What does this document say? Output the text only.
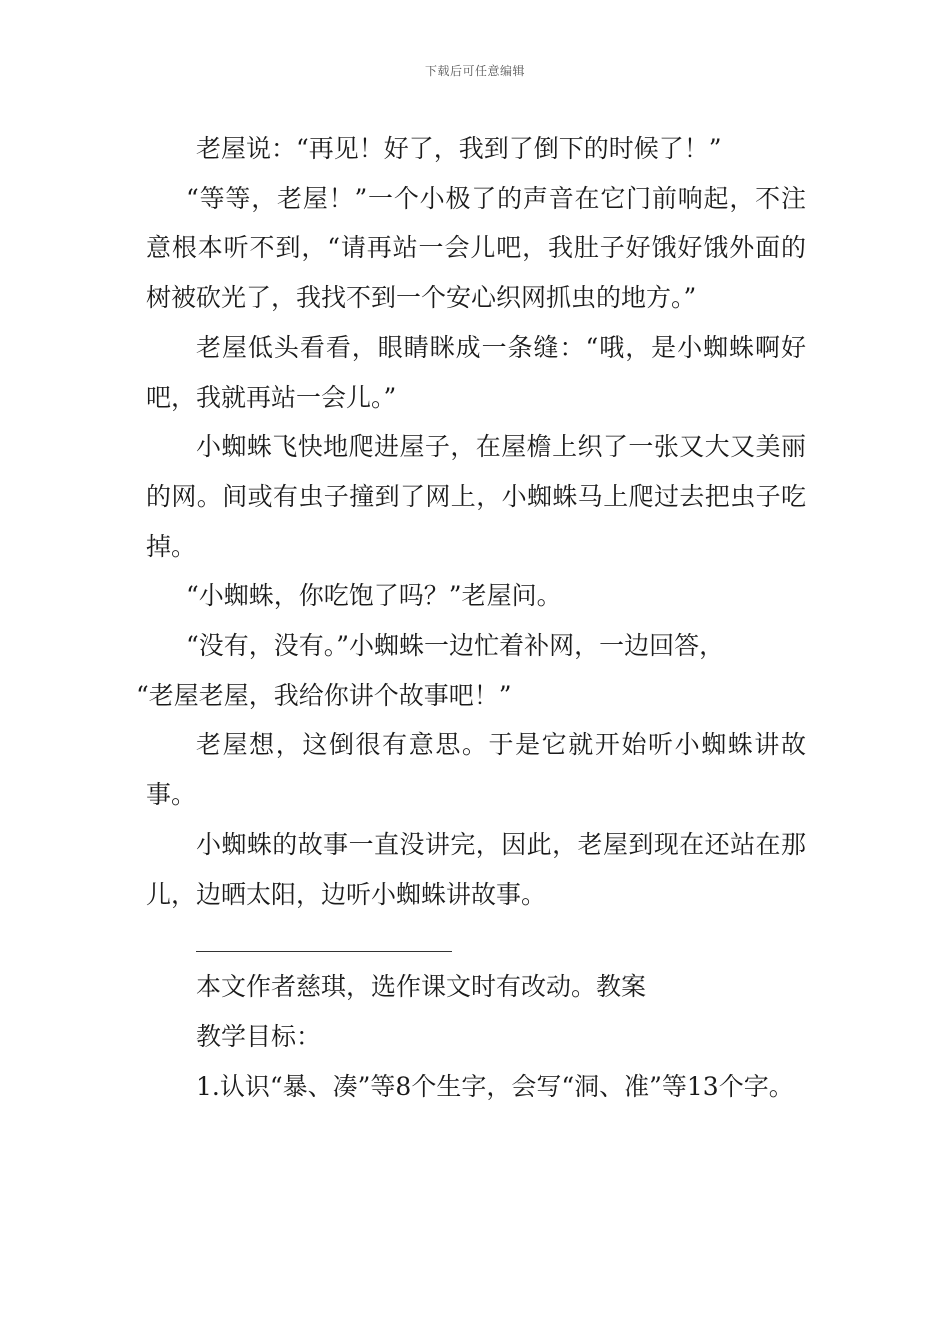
下载后可任意编辑

老屋说：“再见！好了，我到了倒下的时候了！”

“等等，老屋！”一个小极了的声音在它门前响起，不注意根本听不到，“请再站一会儿吧，我肚子好饿好饿外面的树被砍光了，我找不到一个安心织网抓虫的地方。”

老屋低头看看，眼睛眯成一条缝：“哦，是小蜘蛛啊好吧，我就再站一会儿。”

小蜘蛛飞快地爬进屋子，在屋檐上织了一张又大又美丽的网。间或有虫子撞到了网上，小蜘蛛马上爬过去把虫子吃掉。

“小蜘蛛，你吃饱了吗？”老屋问。

“没有，没有。”小蜘蛛一边忙着补网，一边回答，

“老屋老屋，我给你讲个故事吧！”

老屋想，这倒很有意思。于是它就开始听小蜘蛛讲故事。

小蜘蛛的故事一直没讲完，因此，老屋到现在还站在那儿，边晒太阳，边听小蜘蛛讲故事。

本文作者慈琪，选作课文时有改动。教案

教学目标：

1.认识“暴、凑”等8个生字，会写“洞、准”等13个字。
